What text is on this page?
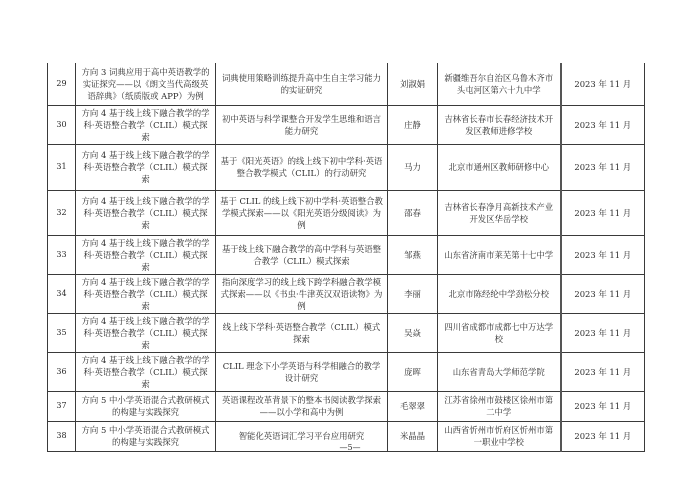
29	方向 3 词典应用于高中英语教学的实证探究——以《朗文当代高级英语辞典》（纸质版或 APP）为例	词典使用策略训练提升高中生自主学习能力的实证研究	刘淑娟	新疆维吾尔自治区乌鲁木齐市头屯河区第六十九中学	2023 年 11 月
30	方向 4 基于线上线下融合教学的学科·英语整合教学（CLIL）模式探索	初中英语与科学课整合开发学生思维和语言能力研究	庄静	吉林省长春市长春经济技术开发区教师进修学校	2023 年 11 月
31	方向 4 基于线上线下融合教学的学科·英语整合教学（CLIL）模式探索	基于《阳光英语》的线上线下初中学科·英语整合教学模式（CLIL）的行动研究	马力	北京市通州区教师研修中心	2023 年 11 月
32	方向 4 基于线上线下融合教学的学科·英语整合教学（CLIL）模式探索	基于 CLIL 的线上线下初中学科·英语整合教学模式探索——以《阳光英语分级阅读》为例	邵春	吉林省长春净月高新技术产业开发区华岳学校	2023 年 11 月
33	方向 4 基于线上线下融合教学的学科·英语整合教学（CLIL）模式探索	基于线上线下融合教学的高中学科与英语整合教学（CLIL）模式探索	邹燕	山东省济南市莱芜第十七中学	2023 年 11 月
34	方向 4 基于线上线下融合教学的学科·英语整合教学（CLIL）模式探索	指向深度学习的线上线下跨学科融合教学模式探索——以《书虫·牛津英汉双语读物》为例	李丽	北京市陈经纶中学劲松分校	2023 年 11 月
35	方向 4 基于线上线下融合教学的学科·英语整合教学（CLIL）模式探索	线上线下学科·英语整合教学（CLIL）模式探索	吴焱	四川省成都市成都七中万达学校	2023 年 11 月
36	方向 4 基于线上线下融合教学的学科·英语整合教学（CLIL）模式探索	CLIL 理念下小学英语与科学相融合的教学设计研究	庞晖	山东省青岛大学师范学院	2023 年 11 月
37	方向 5 中小学英语混合式教研模式的构建与实践探究	英语课程改革背景下的整本书阅读教学探索——以小学和高中为例	毛翠翠	江苏省徐州市鼓楼区徐州市第二中学	2023 年 11 月
38	方向 5 中小学英语混合式教研模式的构建与实践探究	智能化英语词汇学习平台应用研究	米晶晶	山西省忻州市忻府区忻州市第一职业中学校	2023 年 11 月
—5—
